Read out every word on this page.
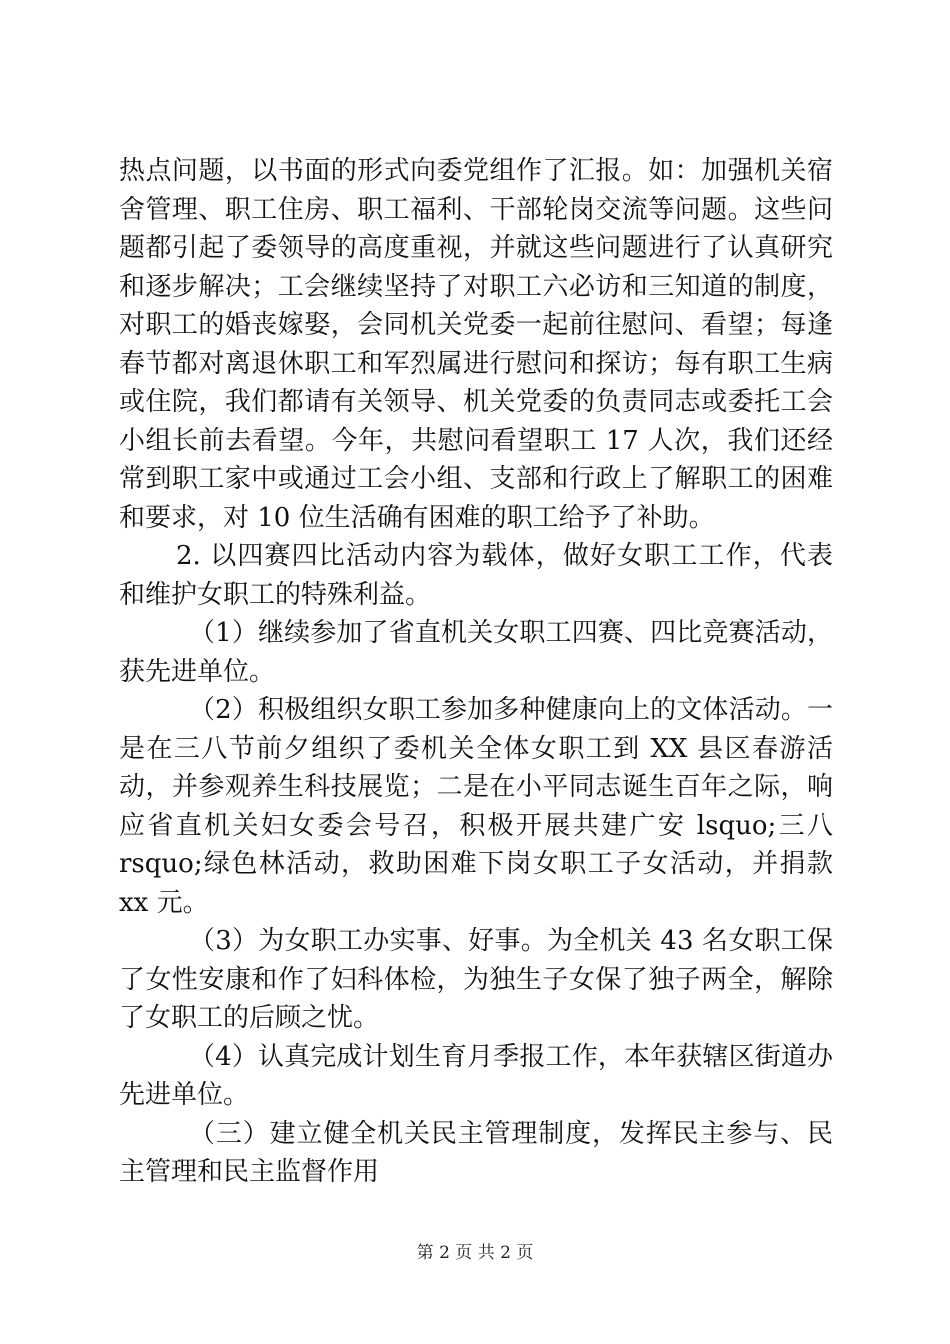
热点问题，以书面的形式向委党组作了汇报。如：加强机关宿舍管理、职工住房、职工福利、干部轮岗交流等问题。这些问题都引起了委领导的高度重视，并就这些问题进行了认真研究和逐步解决；工会继续坚持了对职工六必访和三知道的制度，对职工的婚丧嫁娶，会同机关党委一起前往慰问、看望；每逢春节都对离退休职工和军烈属进行慰问和探访；每有职工生病或住院，我们都请有关领导、机关党委的负责同志或委托工会小组长前去看望。今年，共慰问看望职工 17 人次，我们还经常到职工家中或通过工会小组、支部和行政上了解职工的困难和要求，对 10 位生活确有困难的职工给予了补助。

2. 以四赛四比活动内容为载体，做好女职工工作，代表和维护女职工的特殊利益。

（1）继续参加了省直机关女职工四赛、四比竞赛活动，获先进单位。

（2）积极组织女职工参加多种健康向上的文体活动。一是在三八节前夕组织了委机关全体女职工到 XX 县区春游活动，并参观养生科技展览；二是在小平同志诞生百年之际，响应省直机关妇女委会号召，积极开展共建广安 lsquo;三八 rsquo;绿色林活动，救助困难下岗女职工子女活动，并捐款 xx 元。

（3）为女职工办实事、好事。为全机关 43 名女职工保了女性安康和作了妇科体检，为独生子女保了独子两全，解除了女职工的后顾之忧。

（4）认真完成计划生育月季报工作，本年获辖区街道办先进单位。

（三）建立健全机关民主管理制度，发挥民主参与、民主管理和民主监督作用

第 2 页 共 2 页
